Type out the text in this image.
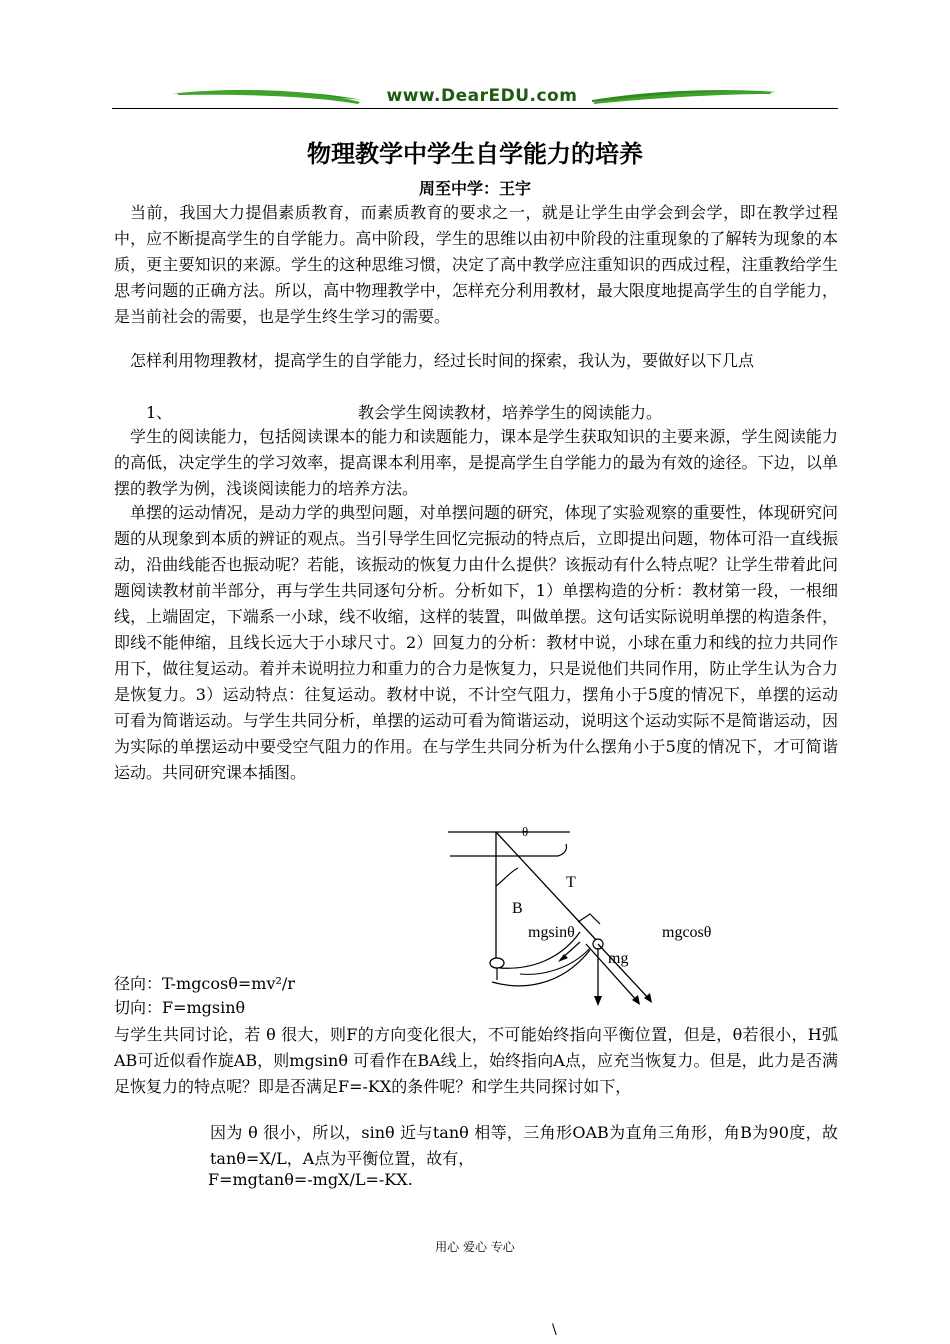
www.DearEDU.com
物理教学中学生自学能力的培养
周至中学：王宇
当前，我国大力提倡素质教育，而素质教育的要求之一，就是让学生由学会到会学，即在教学过程中，应不断提高学生的自学能力。高中阶段，学生的思维以由初中阶段的注重现象的了解转为现象的本质，更主要知识的来源。学生的这种思维习惯，决定了高中教学应注重知识的西成过程，注重教给学生思考问题的正确方法。所以，高中物理教学中，怎样充分利用教材，最大限度地提高学生的自学能力，是当前社会的需要，也是学生终生学习的需要。
怎样利用物理教材，提高学生的自学能力，经过长时间的探索，我认为，要做好以下几点
1、	教会学生阅读教材，培养学生的阅读能力。
学生的阅读能力，包括阅读课本的能力和读题能力，课本是学生获取知识的主要来源，学生阅读能力的高低，决定学生的学习效率，提高课本利用率，是提高学生自学能力的最为有效的途径。下边，以单摆的教学为例，浅谈阅读能力的培养方法。
单摆的运动情况，是动力学的典型问题，对单摆问题的研究，体现了实验观察的重要性，体现研究问题的从现象到本质的辨证的观点。当引导学生回忆完振动的特点后，立即提出问题，物体可沿一直线振动，沿曲线能否也振动呢？若能，该振动的恢复力由什么提供？该振动有什么特点呢？让学生带着此问题阅读教材前半部分，再与学生共同逐句分析。分析如下，1）单摆构造的分析：教材第一段，一根细线，上端固定，下端系一小球，线不收缩，这样的装置，叫做单摆。这句话实际说明单摆的构造条件，即线不能伸缩，且线长远大于小球尺寸。2）回复力的分析：教材中说，小球在重力和线的拉力共同作用下，做往复运动。着并未说明拉力和重力的合力是恢复力，只是说他们共同作用，防止学生认为合力是恢复力。3）运动特点：往复运动。教材中说，不计空气阻力，摆角小于5度的情况下，单摆的运动可看为简谐运动。与学生共同分析，单摆的运动可看为简谐运动，说明这个运动实际不是简谐运动，因为实际的单摆运动中要受空气阻力的作用。在与学生共同分析为什么摆角小于5度的情况下，才可简谐运动。共同研究课本插图。
θ
T
B
mgsinθ	mgcosθ
mg
径向：T-mgcosθ=mv²/r
切向：F=mgsinθ
与学生共同讨论，若 θ 很大，则F的方向变化很大，不可能始终指向平衡位置，但是，θ若很小，H弧AB可近似看作旋AB，则mgsinθ 可看作在BA线上，始终指向A点，应充当恢复力。但是，此力是否满足恢复力的特点呢？即是否满足F=-KX的条件呢？和学生共同探讨如下，
因为 θ 很小，所以，sinθ 近与tanθ 相等，三角形OAB为直角三角形，角B为90度，故tanθ=X/L，A点为平衡位置，故有，
F=mgtanθ=-mgX/L=-KX.
用心 爱心 专心
\
